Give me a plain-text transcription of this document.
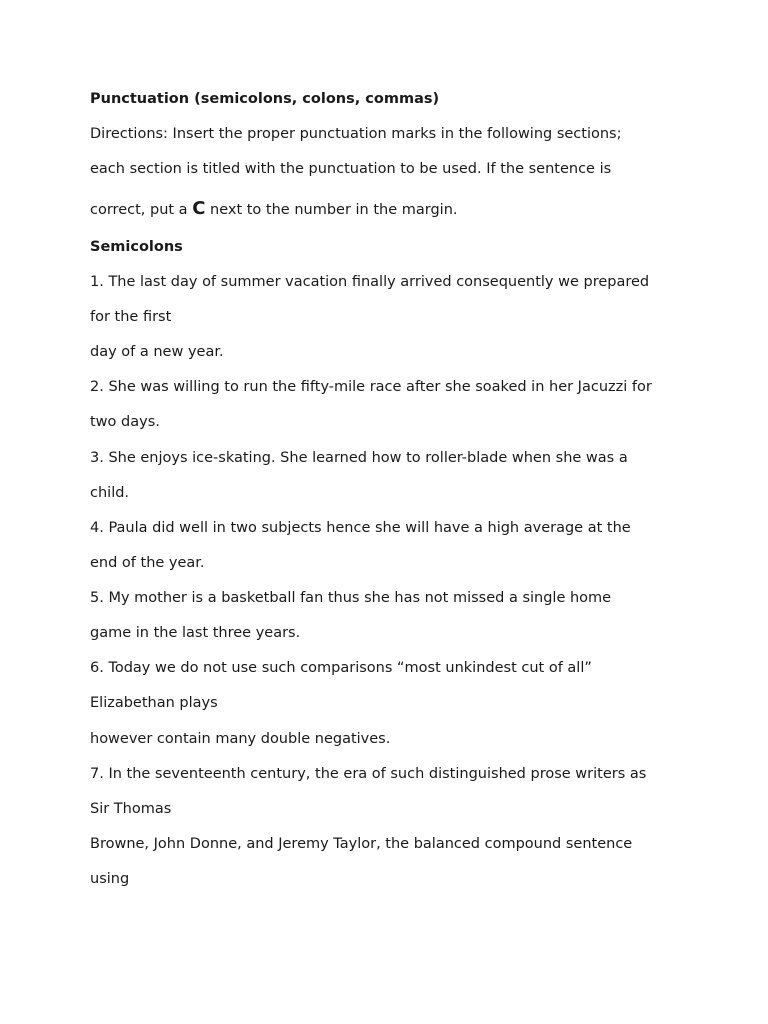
Punctuation (semicolons, colons, commas)
Directions: Insert the proper punctuation marks in the following sections;
each section is titled with the punctuation to be used. If the sentence is
correct, put a C next to the number in the margin.
Semicolons
1. The last day of summer vacation finally arrived consequently we prepared
for the first
day of a new year.
2. She was willing to run the fifty-mile race after she soaked in her Jacuzzi for
two days.
3. She enjoys ice-skating. She learned how to roller-blade when she was a
child.
4. Paula did well in two subjects hence she will have a high average at the
end of the year.
5. My mother is a basketball fan thus she has not missed a single home
game in the last three years.
6. Today we do not use such comparisons “most unkindest cut of all”
Elizabethan plays
however contain many double negatives.
7. In the seventeenth century, the era of such distinguished prose writers as
Sir Thomas
Browne, John Donne, and Jeremy Taylor, the balanced compound sentence
using
